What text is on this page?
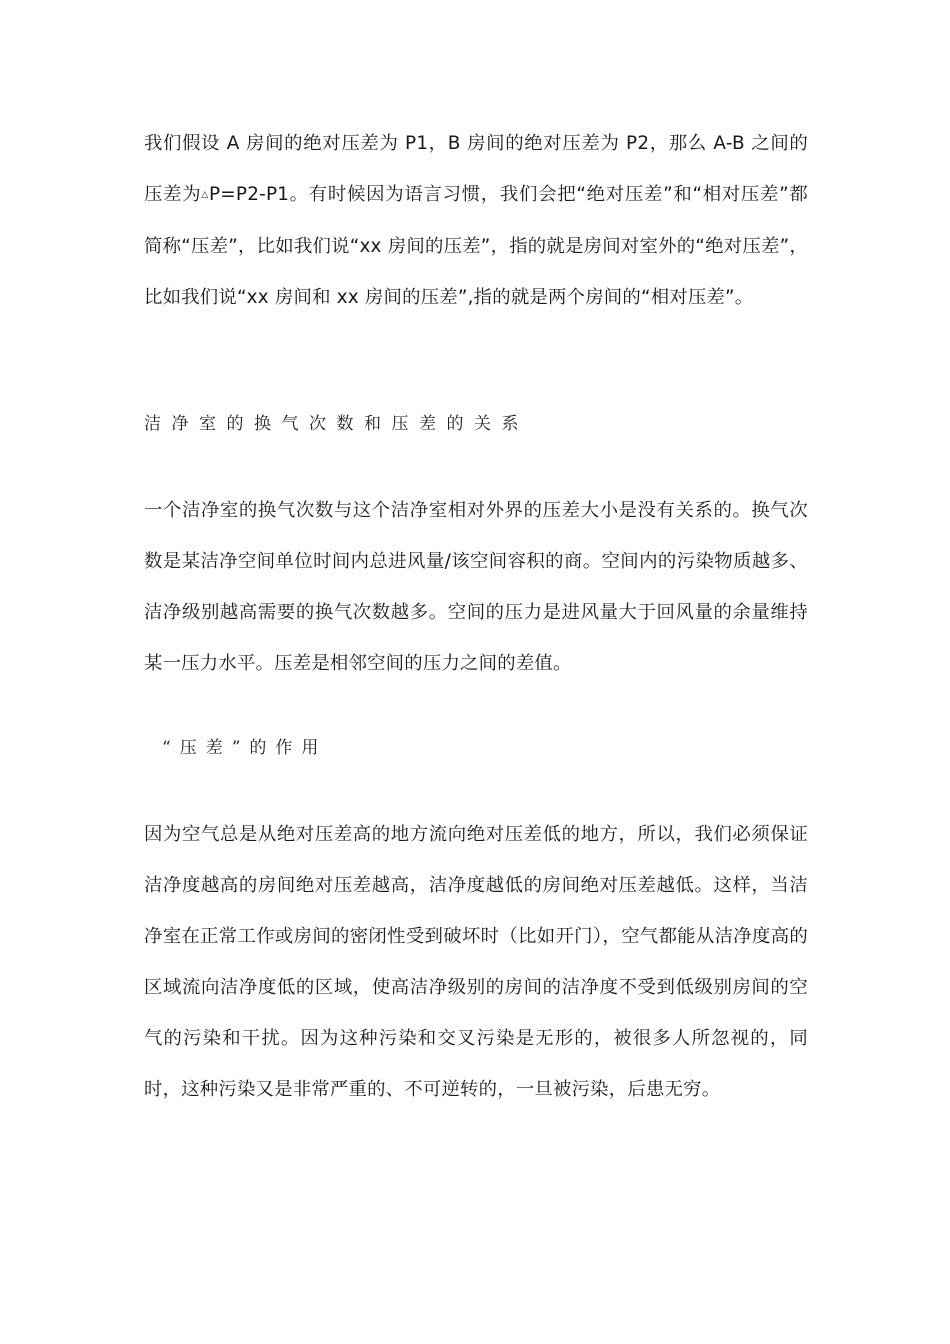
我们假设 A 房间的绝对压差为 P1，B 房间的绝对压差为 P2，那么 A-B 之间的压差为△P=P2-P1。有时候因为语言习惯，我们会把“绝对压差”和“相对压差”都简称“压差”，比如我们说“xx 房间的压差”，指的就是房间对室外的“绝对压差”，比如我们说“xx 房间和 xx 房间的压差”,指的就是两个房间的“相对压差”。

洁净室的换气次数和压差的关系

一个洁净室的换气次数与这个洁净室相对外界的压差大小是没有关系的。换气次数是某洁净空间单位时间内总进风量/该空间容积的商。空间内的污染物质越多、洁净级别越高需要的换气次数越多。空间的压力是进风量大于回风量的余量维持某一压力水平。压差是相邻空间的压力之间的差值。

“压差”的作用

因为空气总是从绝对压差高的地方流向绝对压差低的地方，所以，我们必须保证洁净度越高的房间绝对压差越高，洁净度越低的房间绝对压差越低。这样，当洁净室在正常工作或房间的密闭性受到破坏时（比如开门），空气都能从洁净度高的区域流向洁净度低的区域，使高洁净级别的房间的洁净度不受到低级别房间的空气的污染和干扰。因为这种污染和交叉污染是无形的，被很多人所忽视的，同时，这种污染又是非常严重的、不可逆转的，一旦被污染，后患无穷。
